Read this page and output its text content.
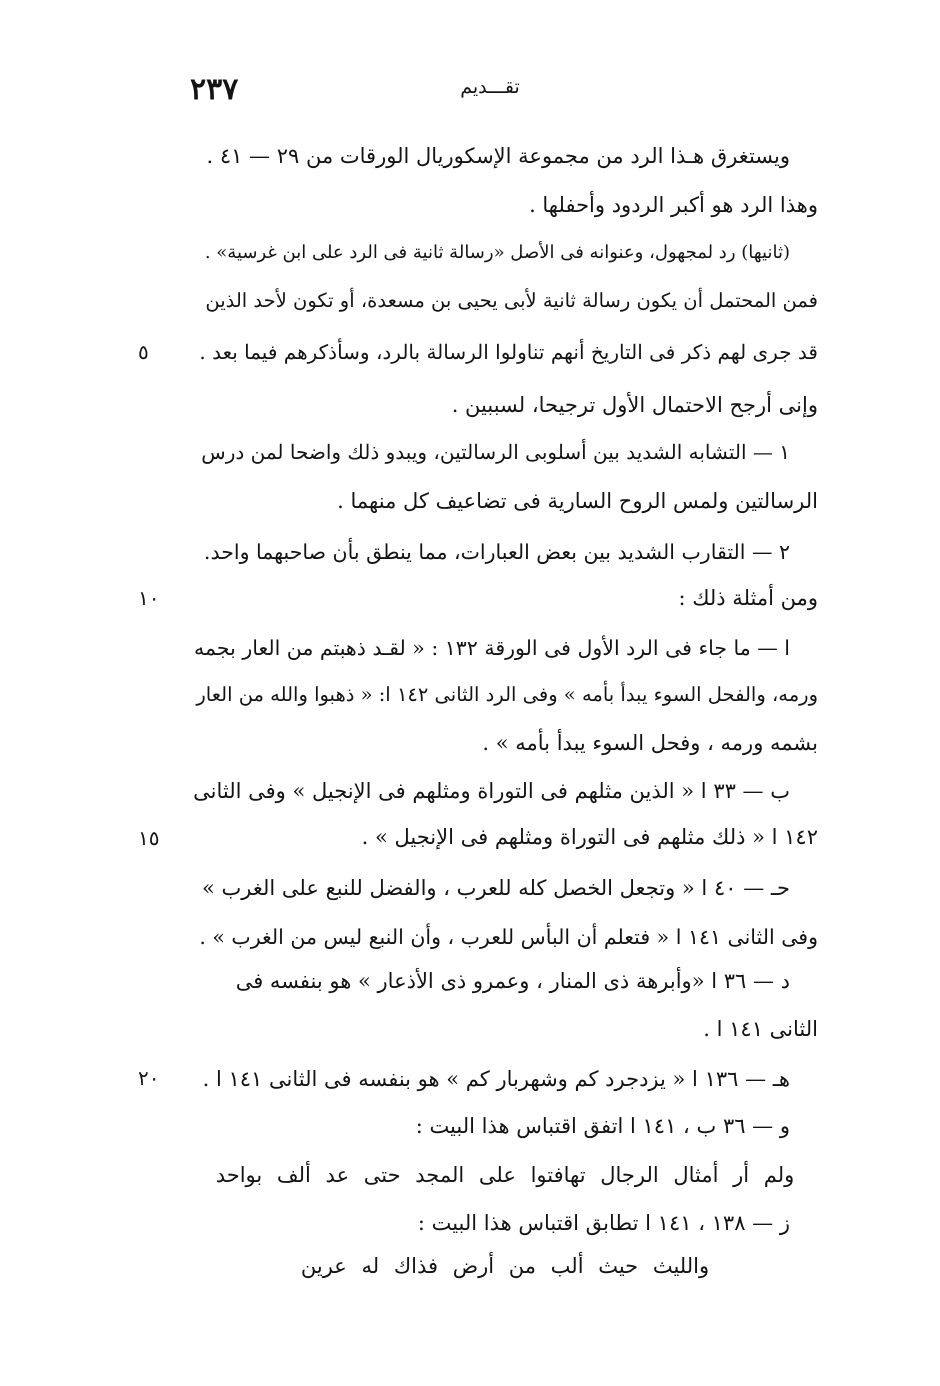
٢٣٧	تقـــديم
ويستغرق هـذا الرد من مجموعة الإسكوريال الورقات من ٢٩ — ٤١ .
وهذا الرد هو أكبر الردود وأحفلها .
(ثانيها) رد لمجهول، وعنوانه فى الأصل «رسالة ثانية فى الرد على ابن غرسية» .
فمن المحتمل أن يكون رسالة ثانية لأبى يحيى بن مسعدة، أو تكون لأحد الذين
قد جرى لهم ذكر فى التاريخ أنهم تناولوا الرسالة بالرد، وسأذكرهم فيما بعد .
وإنى أرجح الاحتمال الأول ترجيحا، لسببين .
١ — التشابه الشديد بين أسلوبى الرسالتين، ويبدو ذلك واضحا لمن درس
الرسالتين ولمس الروح السارية فى تضاعيف كل منهما .
٢ — التقارب الشديد بين بعض العبارات، مما ينطق بأن صاحبهما واحد.
ومن أمثلة ذلك :
ا — ما جاء فى الرد الأول فى الورقة ١٣٢ : « لقـد ذهبتم من العار بجمه
ورمه، والفحل السوء يبدأ بأمه » وفى الرد الثانى ١٤٢ ا: « ذهبوا والله من العار
بشمه ورمه ، وفحل السوء يبدأ بأمه » .
ب — ٣٣ ا « الذين مثلهم فى التوراة ومثلهم فى الإنجيل » وفى الثانى
١٤٢ ا « ذلك مثلهم فى التوراة ومثلهم فى الإنجيل » .
حـ — ٤٠ ا « وتجعل الخصل كله للعرب ، والفضل للنبع على الغرب »
وفى الثانى ١٤١ ا « فتعلم أن البأس للعرب ، وأن النبع ليس من الغرب » .
د — ٣٦ ا «وأبرهة ذى المنار ، وعمرو ذى الأذعار » هو بنفسه فى
الثانى ١٤١ ا .
هـ — ١٣٦ ا « يزدجرد كم وشهربار كم » هو بنفسه فى الثانى ١٤١ ا .
و — ٣٦ ب ، ١٤١ ا اتفق اقتباس هذا البيت :
ولم أر أمثال الرجال تهافتوا على المجد حتى عد ألف بواحد
ز — ١٣٨ ، ١٤١ ا تطابق اقتباس هذا البيت :
والليث حيث ألب من أرض فذاك له عرين
٥
١٠
١٥
٢٠
